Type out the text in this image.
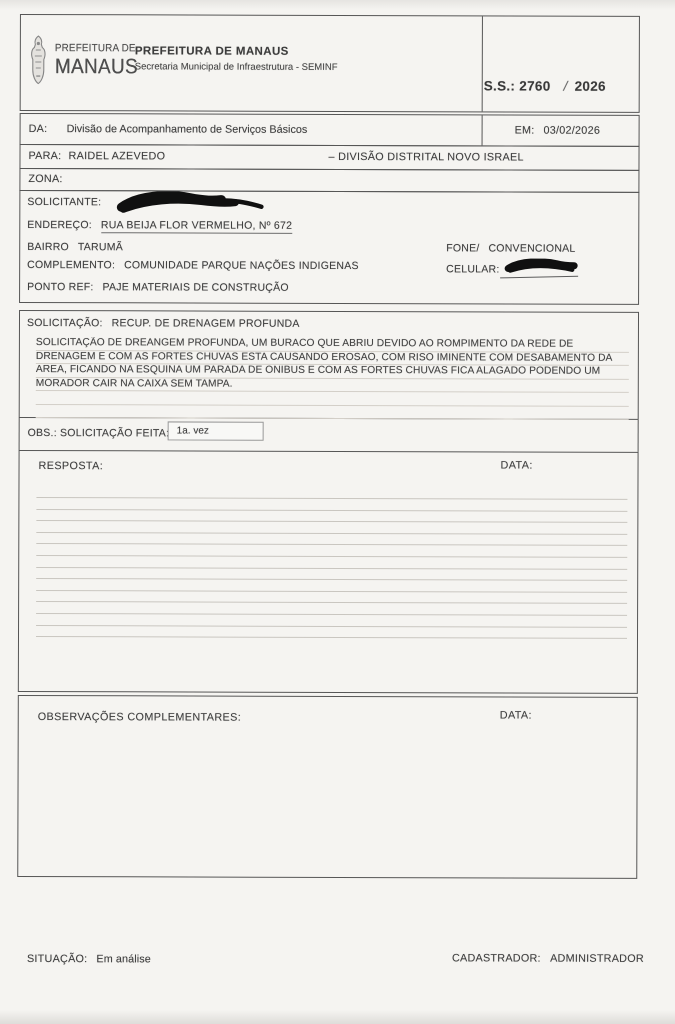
PREFEITURA DE
MANAUS
PREFEITURA DE MANAUS
Secretaria Municipal de Infraestrutura - SEMINF
S.S.: 2760 / 2026
DA: Divisão de Acompanhamento de Serviços Básicos	EM: 03/02/2026
PARA: RAIDEL AZEVEDO	– DIVISÃO DISTRITAL NOVO ISRAEL
ZONA:
SOLICITANTE:
ENDEREÇO: RUA BEIJA FLOR VERMELHO, Nº 672
BAIRRO TARUMÃ	FONE/ CONVENCIONAL
COMPLEMENTO: COMUNIDADE PARQUE NAÇÕES INDIGENAS	CELULAR:
PONTO REF: PAJE MATERIAIS DE CONSTRUÇÃO
SOLICITAÇÃO: RECUP. DE DRENAGEM PROFUNDA
SOLICITAÇÃO DE DREANGEM PROFUNDA, UM BURACO QUE ABRIU DEVIDO AO ROMPIMENTO DA REDE DE
DRENAGEM E COM AS FORTES CHUVAS ESTA CAUSANDO EROSAO, COM RISO IMINENTE COM DESABAMENTO DA
AREA, FICANDO NA ESQUINA UM PARADA DE ONIBUS E COM AS FORTES CHUVAS FICA ALAGADO PODENDO UM
MORADOR CAIR NA CAIXA SEM TAMPA.
OBS.: SOLICITAÇÃO FEITA: 1a. vez
RESPOSTA:	DATA:
OBSERVAÇÕES COMPLEMENTARES:	DATA:
SITUAÇÃO: Em análise	CADASTRADOR: ADMINISTRADOR
